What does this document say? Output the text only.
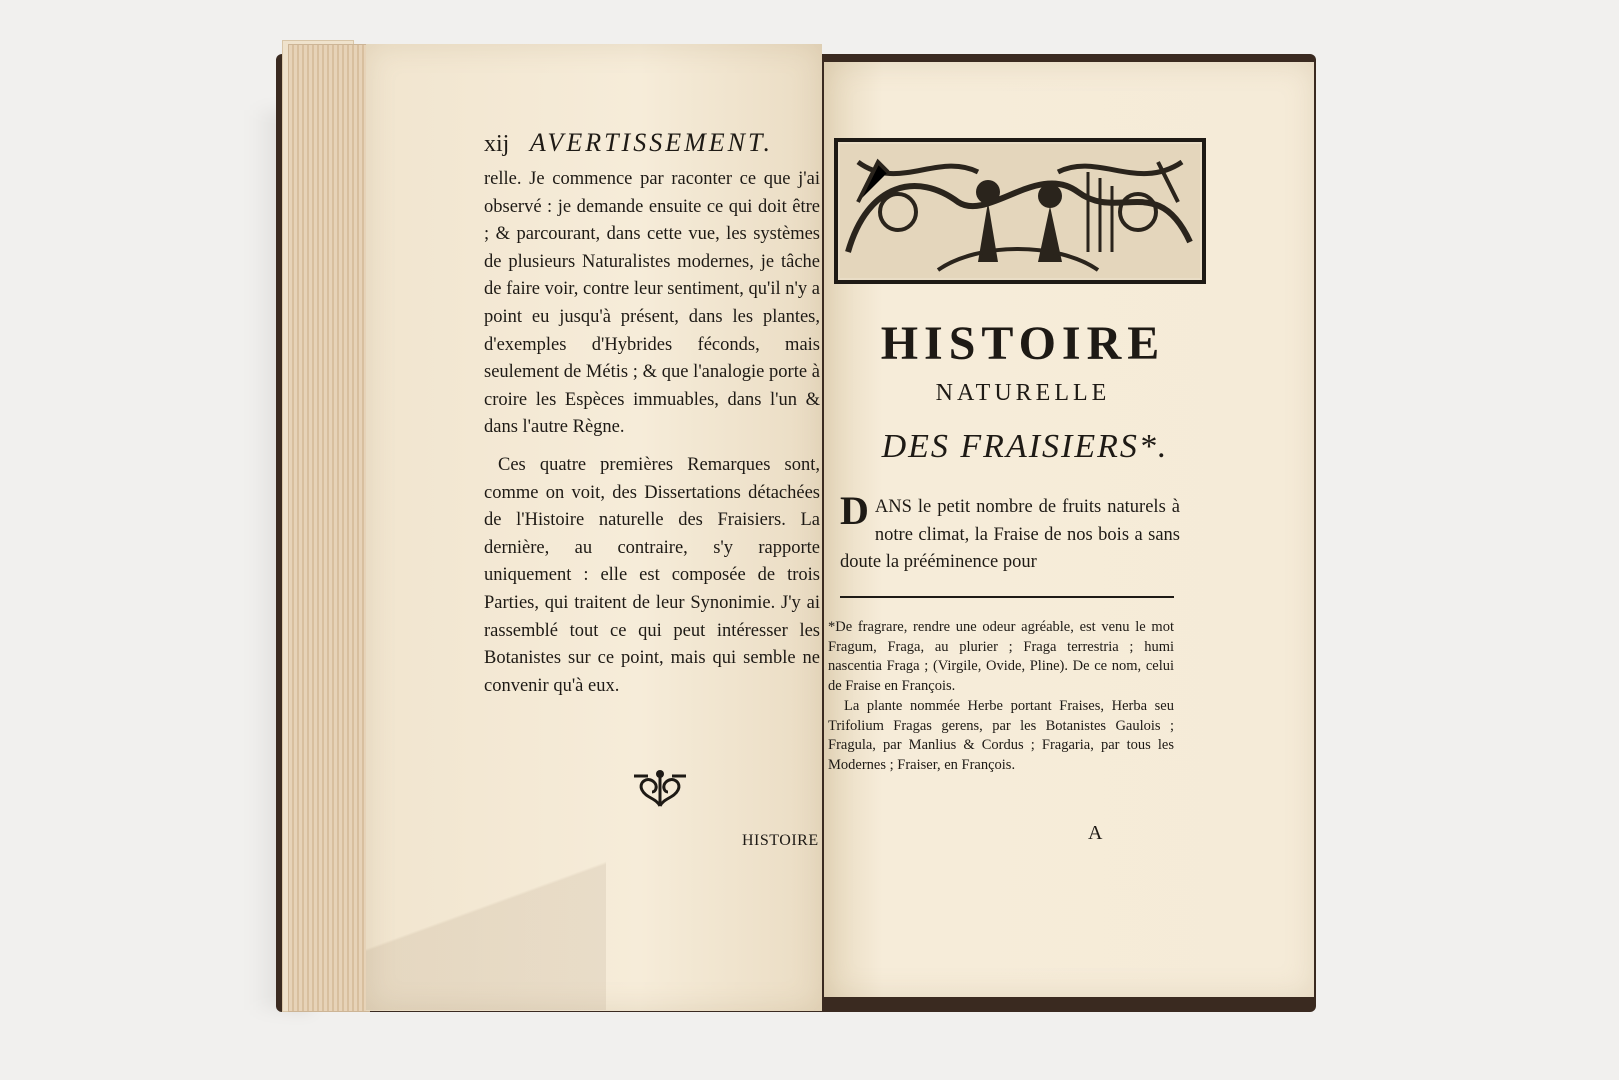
xij AVERTISSEMENT.

relle. Je commence par raconter ce que j'ai observé : je demande ensuite ce qui doit être ; & parcourant, dans cette vue, les systèmes de plusieurs Naturalistes modernes, je tâche de faire voir, contre leur sentiment, qu'il n'y a point eu jusqu'à présent, dans les plantes, d'exemples d'Hybrides féconds, mais seulement de Métis ; & que l'analogie porte à croire les Espèces immuables, dans l'un & dans l'autre Règne.

Ces quatre premières Remarques sont, comme on voit, des Dissertations détachées de l'Histoire naturelle des Fraisiers. La dernière, au contraire, s'y rapporte uniquement : elle est composée de trois Parties, qui traitent de leur Synonimie. J'y ai rassemblé tout ce qui peut intéresser les Botanistes sur ce point, mais qui semble ne convenir qu'à eux.

HISTOIRE
HISTOIRE
NATURELLE
DES FRAISIERS*.
D ANS le petit nombre de fruits naturels à notre climat, la Fraise de nos bois a sans doute la prééminence pour

*De fragrare, rendre une odeur agréable, est venu le mot Fragum, Fraga, au plurier ; Fraga terrestria ; humi nascentia Fraga ; (Virgile, Ovide, Pline). De ce nom, celui de Fraise en François.

La plante nommée Herbe portant Fraises, Herba seu Trifolium Fragas gerens, par les Botanistes Gaulois ; Fragula, par Manlius & Cordus ; Fragaria, par tous les Modernes ; Fraiser, en François.

A
